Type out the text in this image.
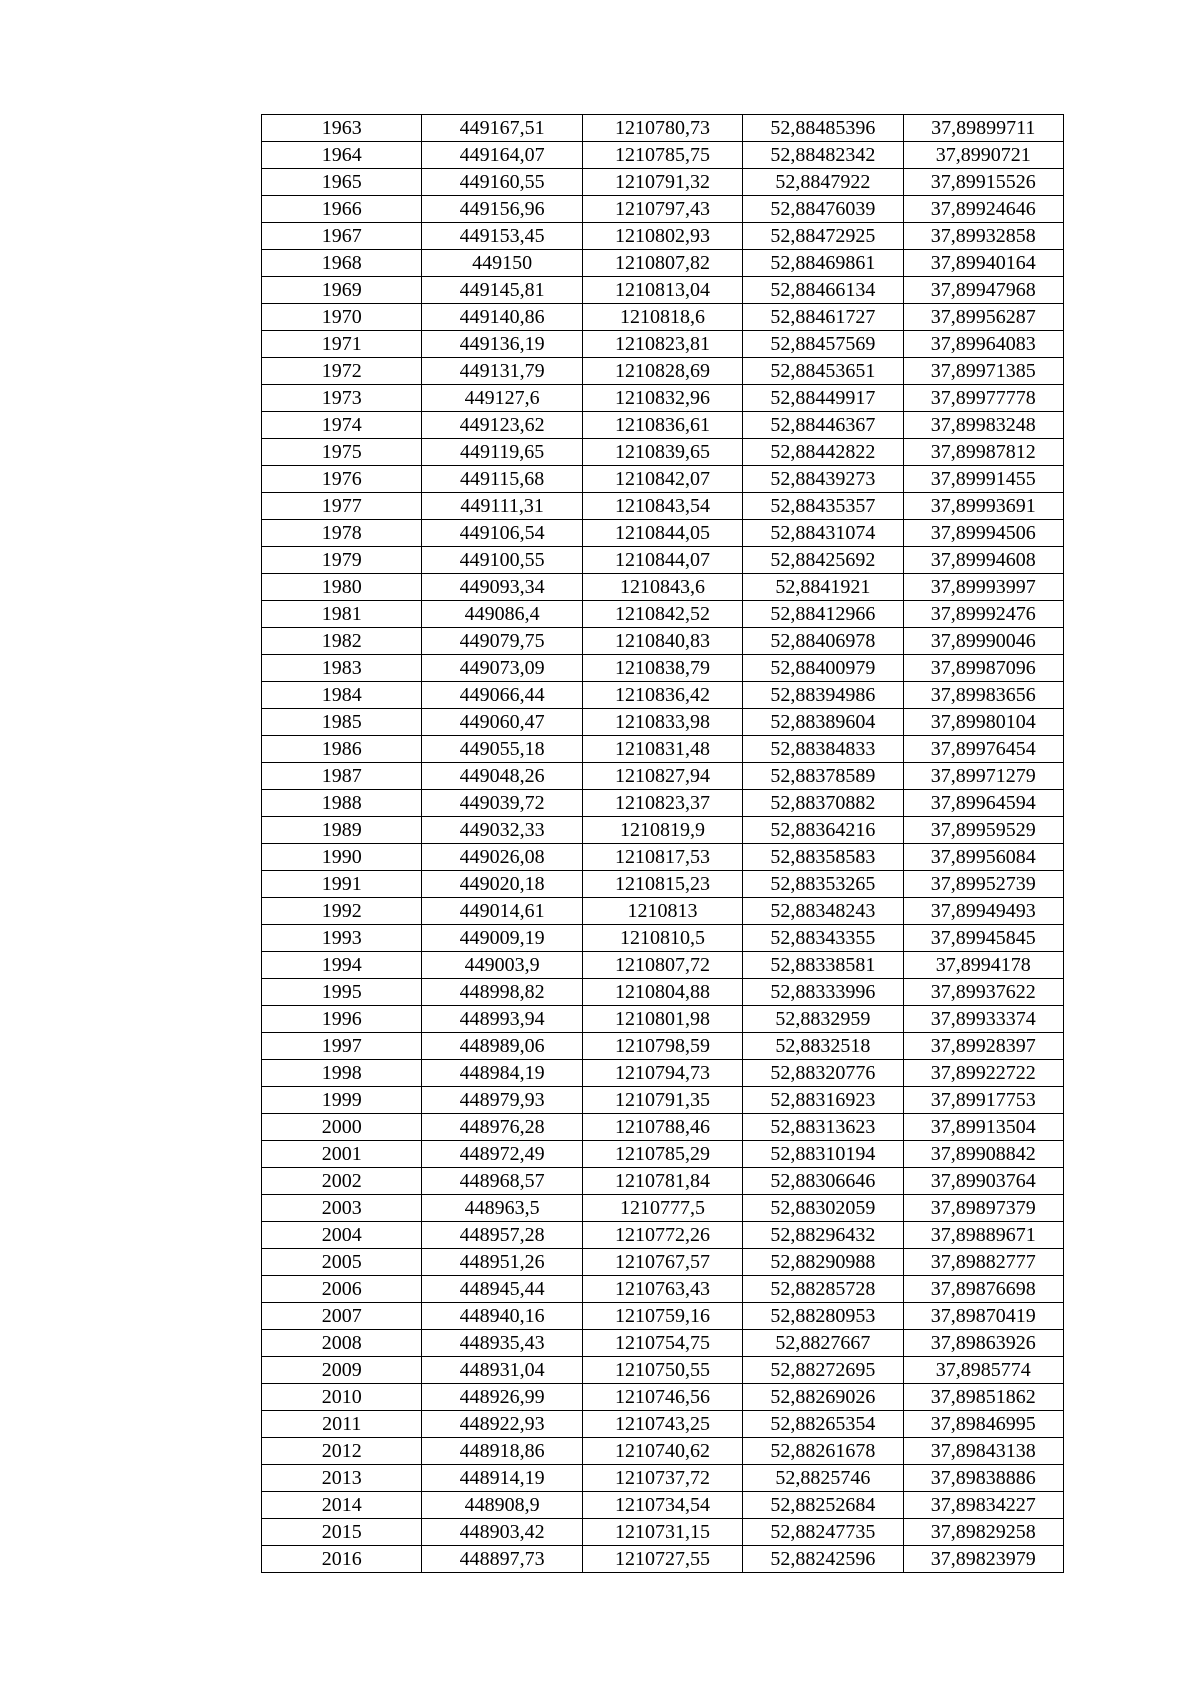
1963	449167,51	1210780,73	52,88485396	37,89899711
1964	449164,07	1210785,75	52,88482342	37,8990721
1965	449160,55	1210791,32	52,8847922	37,89915526
1966	449156,96	1210797,43	52,88476039	37,89924646
1967	449153,45	1210802,93	52,88472925	37,89932858
1968	449150	1210807,82	52,88469861	37,89940164
1969	449145,81	1210813,04	52,88466134	37,89947968
1970	449140,86	1210818,6	52,88461727	37,89956287
1971	449136,19	1210823,81	52,88457569	37,89964083
1972	449131,79	1210828,69	52,88453651	37,89971385
1973	449127,6	1210832,96	52,88449917	37,89977778
1974	449123,62	1210836,61	52,88446367	37,89983248
1975	449119,65	1210839,65	52,88442822	37,89987812
1976	449115,68	1210842,07	52,88439273	37,89991455
1977	449111,31	1210843,54	52,88435357	37,89993691
1978	449106,54	1210844,05	52,88431074	37,89994506
1979	449100,55	1210844,07	52,88425692	37,89994608
1980	449093,34	1210843,6	52,8841921	37,89993997
1981	449086,4	1210842,52	52,88412966	37,89992476
1982	449079,75	1210840,83	52,88406978	37,89990046
1983	449073,09	1210838,79	52,88400979	37,89987096
1984	449066,44	1210836,42	52,88394986	37,89983656
1985	449060,47	1210833,98	52,88389604	37,89980104
1986	449055,18	1210831,48	52,88384833	37,89976454
1987	449048,26	1210827,94	52,88378589	37,89971279
1988	449039,72	1210823,37	52,88370882	37,89964594
1989	449032,33	1210819,9	52,88364216	37,89959529
1990	449026,08	1210817,53	52,88358583	37,89956084
1991	449020,18	1210815,23	52,88353265	37,89952739
1992	449014,61	1210813	52,88348243	37,89949493
1993	449009,19	1210810,5	52,88343355	37,89945845
1994	449003,9	1210807,72	52,88338581	37,8994178
1995	448998,82	1210804,88	52,88333996	37,89937622
1996	448993,94	1210801,98	52,8832959	37,89933374
1997	448989,06	1210798,59	52,8832518	37,89928397
1998	448984,19	1210794,73	52,88320776	37,89922722
1999	448979,93	1210791,35	52,88316923	37,89917753
2000	448976,28	1210788,46	52,88313623	37,89913504
2001	448972,49	1210785,29	52,88310194	37,89908842
2002	448968,57	1210781,84	52,88306646	37,89903764
2003	448963,5	1210777,5	52,88302059	37,89897379
2004	448957,28	1210772,26	52,88296432	37,89889671
2005	448951,26	1210767,57	52,88290988	37,89882777
2006	448945,44	1210763,43	52,88285728	37,89876698
2007	448940,16	1210759,16	52,88280953	37,89870419
2008	448935,43	1210754,75	52,8827667	37,89863926
2009	448931,04	1210750,55	52,88272695	37,8985774
2010	448926,99	1210746,56	52,88269026	37,89851862
2011	448922,93	1210743,25	52,88265354	37,89846995
2012	448918,86	1210740,62	52,88261678	37,89843138
2013	448914,19	1210737,72	52,8825746	37,89838886
2014	448908,9	1210734,54	52,88252684	37,89834227
2015	448903,42	1210731,15	52,88247735	37,89829258
2016	448897,73	1210727,55	52,88242596	37,89823979
